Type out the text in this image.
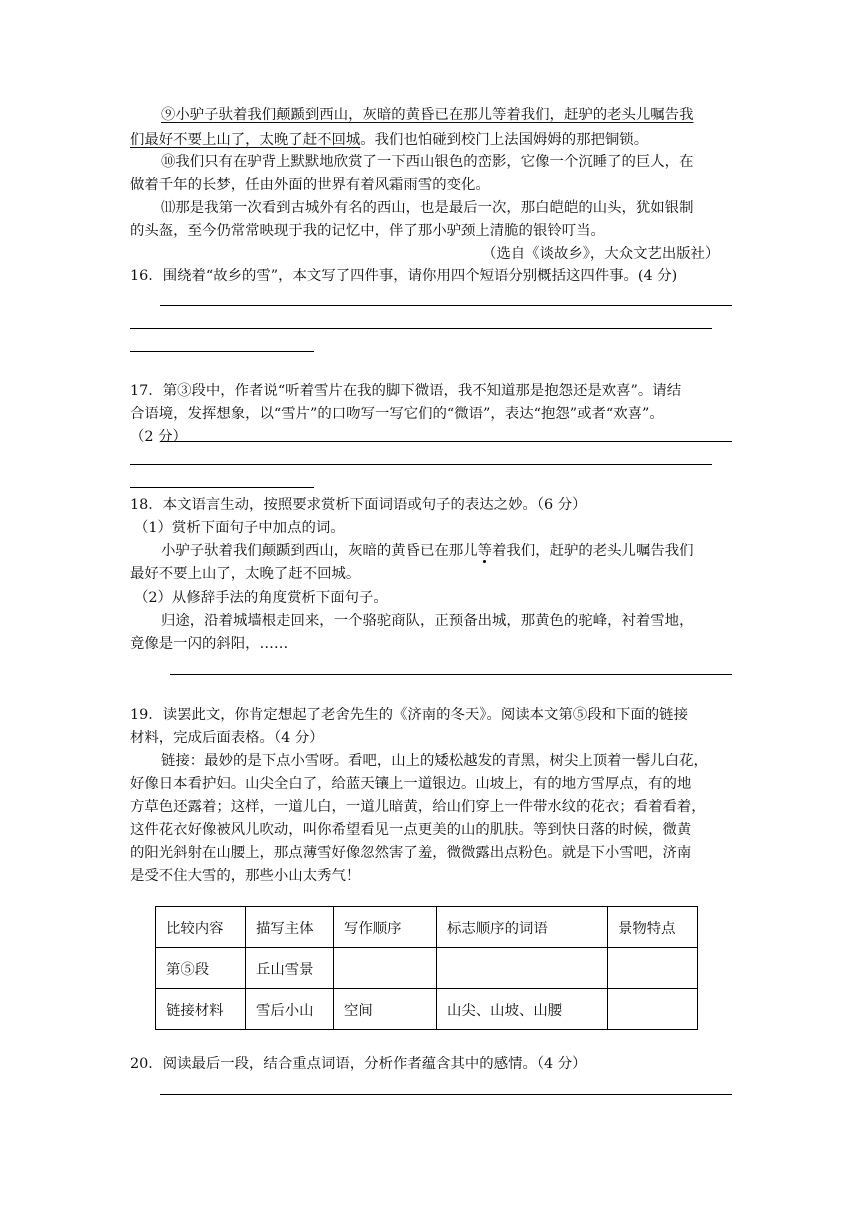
⑨小驴子驮着我们颠踬到西山，灰暗的黄昏已在那儿等着我们，赶驴的老头儿嘱告我
们最好不要上山了，太晚了赶不回城。我们也怕碰到校门上法国姆姆的那把铜锁。
⑩我们只有在驴背上默默地欣赏了一下西山银色的峦影，它像一个沉睡了的巨人，在
做着千年的长梦，任由外面的世界有着风霜雨雪的变化。
⑾那是我第一次看到古城外有名的西山，也是最后一次，那白皑皑的山头，犹如银制
的头盔，至今仍常常映现于我的记忆中，伴了那小驴颈上清脆的银铃叮当。
（选自《谈故乡》，大众文艺出版社）
16．围绕着“故乡的雪”，本文写了四件事，请你用四个短语分别概括这四件事。(4 分)
17．第③段中，作者说“听着雪片在我的脚下微语，我不知道那是抱怨还是欢喜”。请结
合语境，发挥想象，以“雪片”的口吻写一写它们的“微语”，表达“抱怨”或者“欢喜”。
（2 分）
18．本文语言生动，按照要求赏析下面词语或句子的表达之妙。（6 分）
（1）赏析下面句子中加点的词。
小驴子驮着我们颠踬到西山，灰暗的黄昏已在那儿等着我们，赶驴的老头儿嘱告我们
最好不要上山了，太晚了赶不回城。
（2）从修辞手法的角度赏析下面句子。
归途，沿着城墙根走回来，一个骆驼商队，正预备出城，那黄色的驼峰，衬着雪地，
竟像是一闪的斜阳，……
19．读罢此文，你肯定想起了老舍先生的《济南的冬天》。阅读本文第⑤段和下面的链接
材料，完成后面表格。（4 分）
链接：最妙的是下点小雪呀。看吧，山上的矮松越发的青黑，树尖上顶着一髻儿白花，
好像日本看护妇。山尖全白了，给蓝天镶上一道银边。山坡上，有的地方雪厚点，有的地
方草色还露着；这样，一道儿白，一道儿暗黄，给山们穿上一件带水纹的花衣；看着看着，
这件花衣好像被风儿吹动，叫你希望看见一点更美的山的肌肤。等到快日落的时候，微黄
的阳光斜射在山腰上，那点薄雪好像忽然害了羞，微微露出点粉色。就是下小雪吧，济南
是受不住大雪的，那些小山太秀气！
比较内容	描写主体	写作顺序	标志顺序的词语	景物特点
第⑤段	丘山雪景			
链接材料	雪后小山	空间	山尖、山坡、山腰	
20．阅读最后一段，结合重点词语，分析作者蕴含其中的感情。（4 分）
